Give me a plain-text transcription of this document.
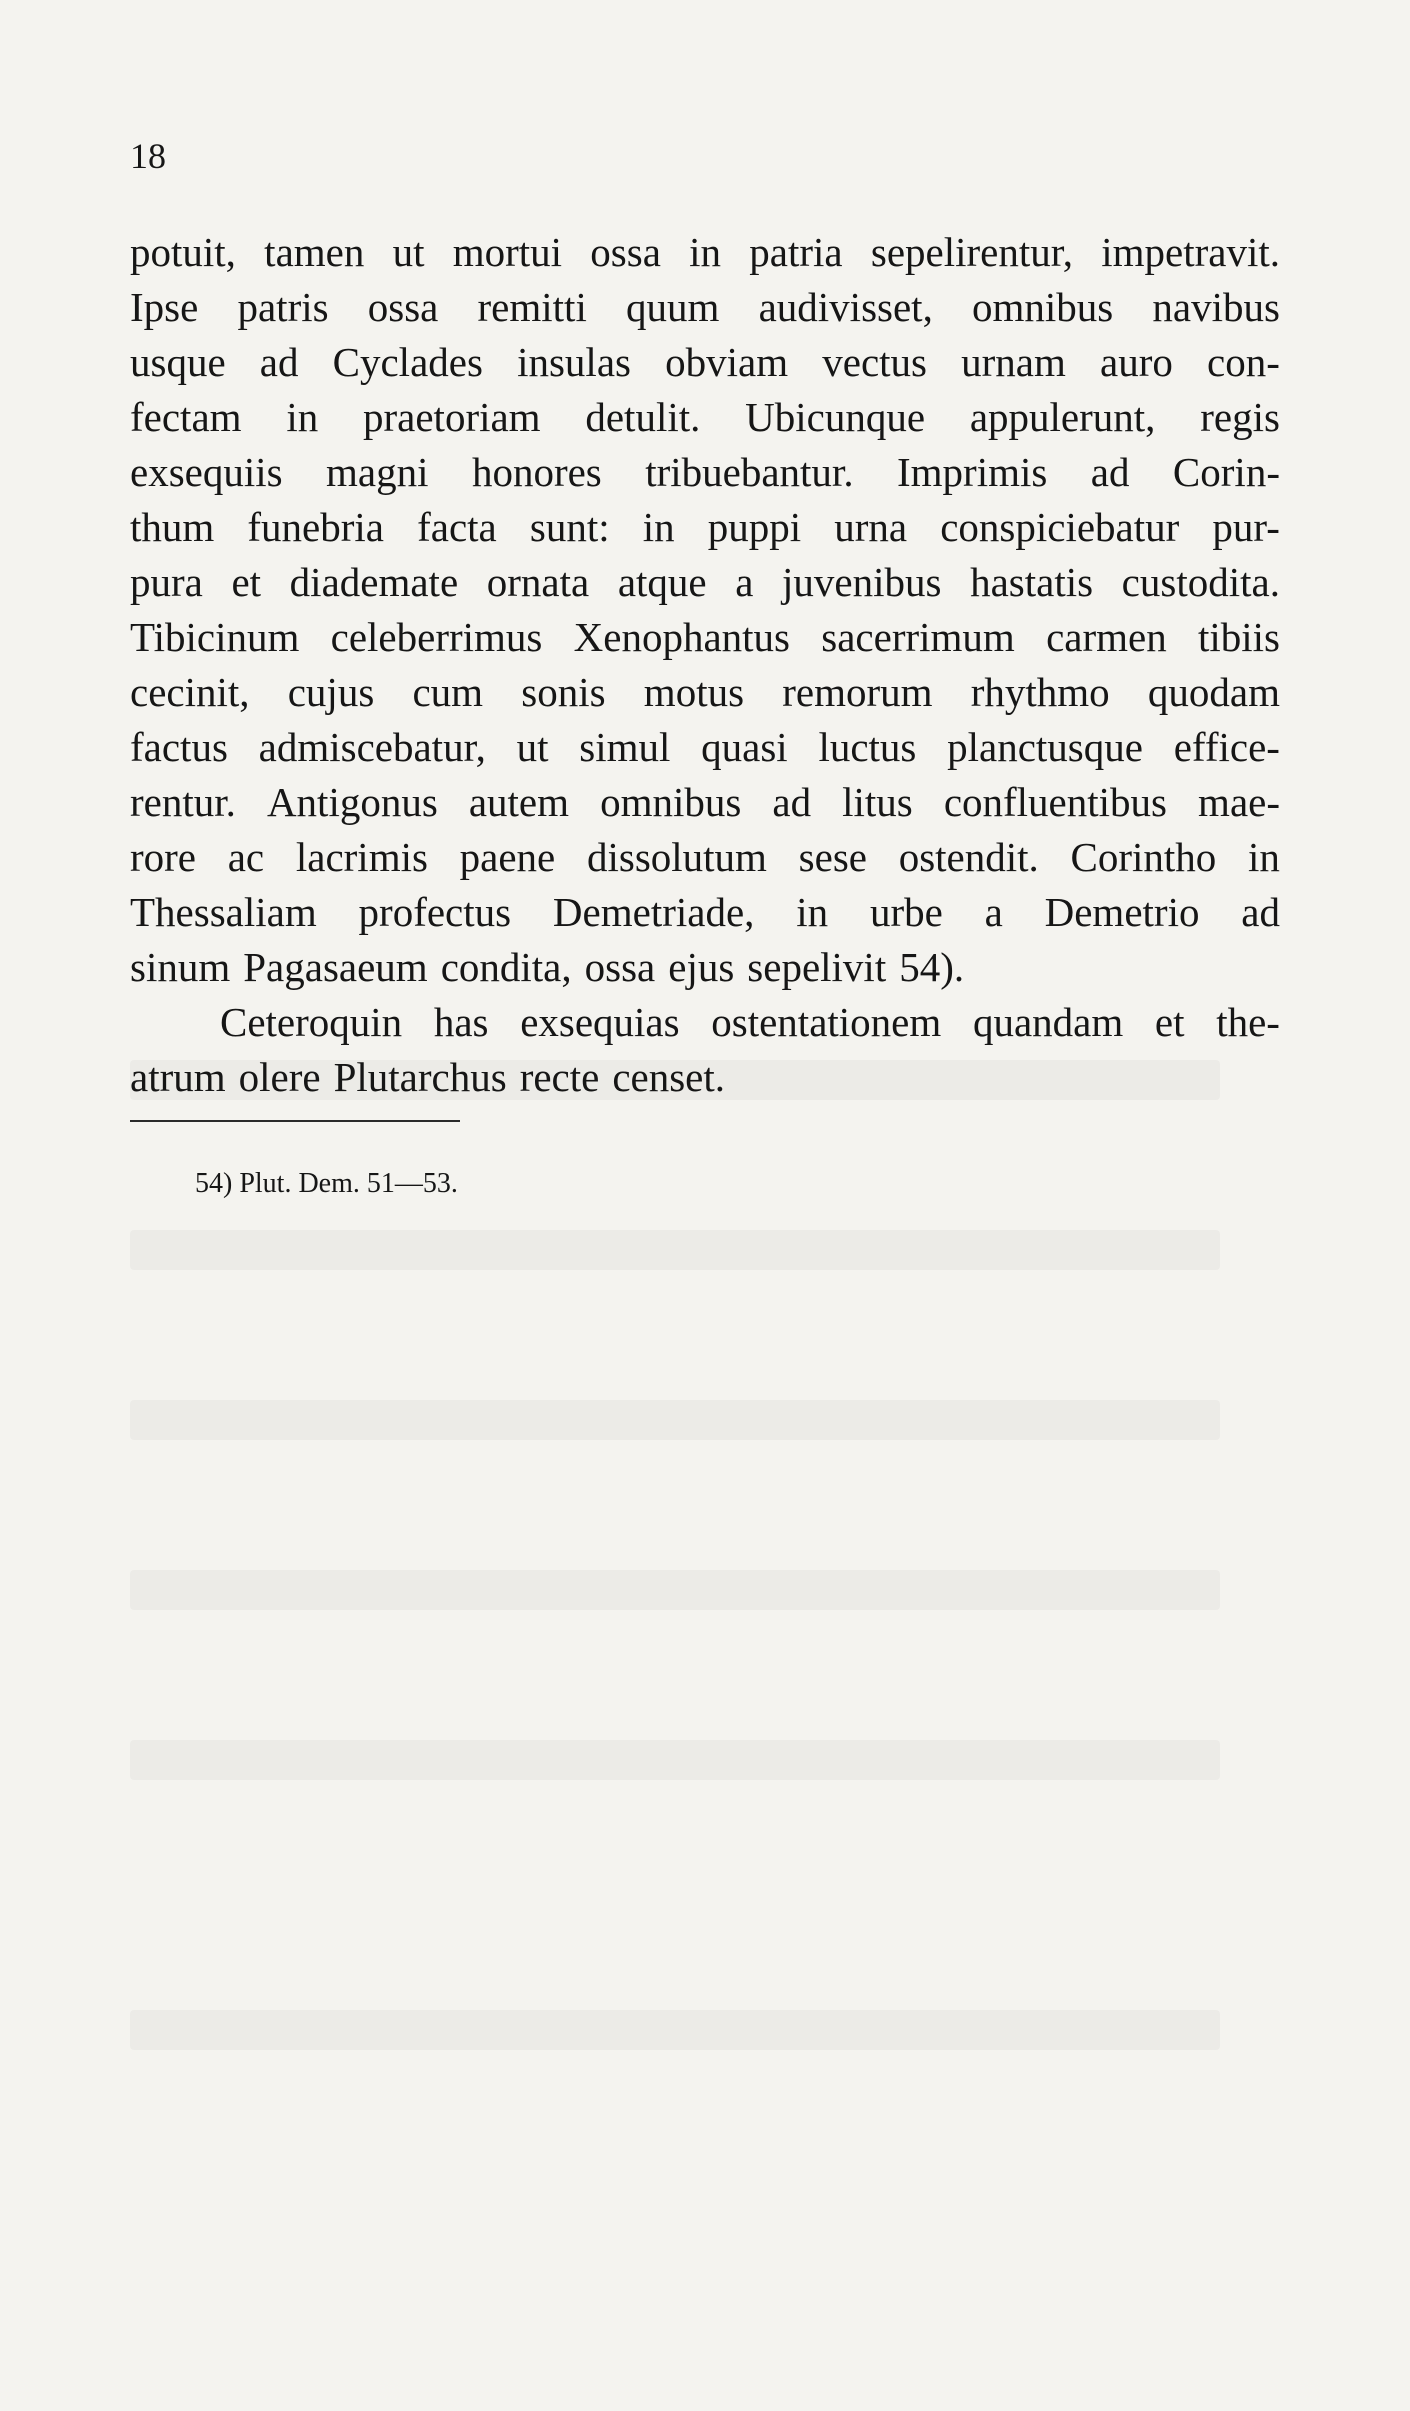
18
potuit, tamen ut mortui ossa in patria sepelirentur, impetravit.
Ipse patris ossa remitti quum audivisset, omnibus navibus
usque ad Cyclades insulas obviam vectus urnam auro con-
fectam in praetoriam detulit. Ubicunque appulerunt, regis
exsequiis magni honores tribuebantur. Imprimis ad Corin-
thum funebria facta sunt: in puppi urna conspiciebatur pur-
pura et diademate ornata atque a juvenibus hastatis custodita.
Tibicinum celeberrimus Xenophantus sacerrimum carmen tibiis
cecinit, cujus cum sonis motus remorum rhythmo quodam
factus admiscebatur, ut simul quasi luctus planctusque effice-
rentur. Antigonus autem omnibus ad litus confluentibus mae-
rore ac lacrimis paene dissolutum sese ostendit. Corintho in
Thessaliam profectus Demetriade, in urbe a Demetrio ad
sinum Pagasaeum condita, ossa ejus sepelivit 54).
Ceteroquin has exsequias ostentationem quandam et the-
atrum olere Plutarchus recte censet.
54) Plut. Dem. 51—53.
